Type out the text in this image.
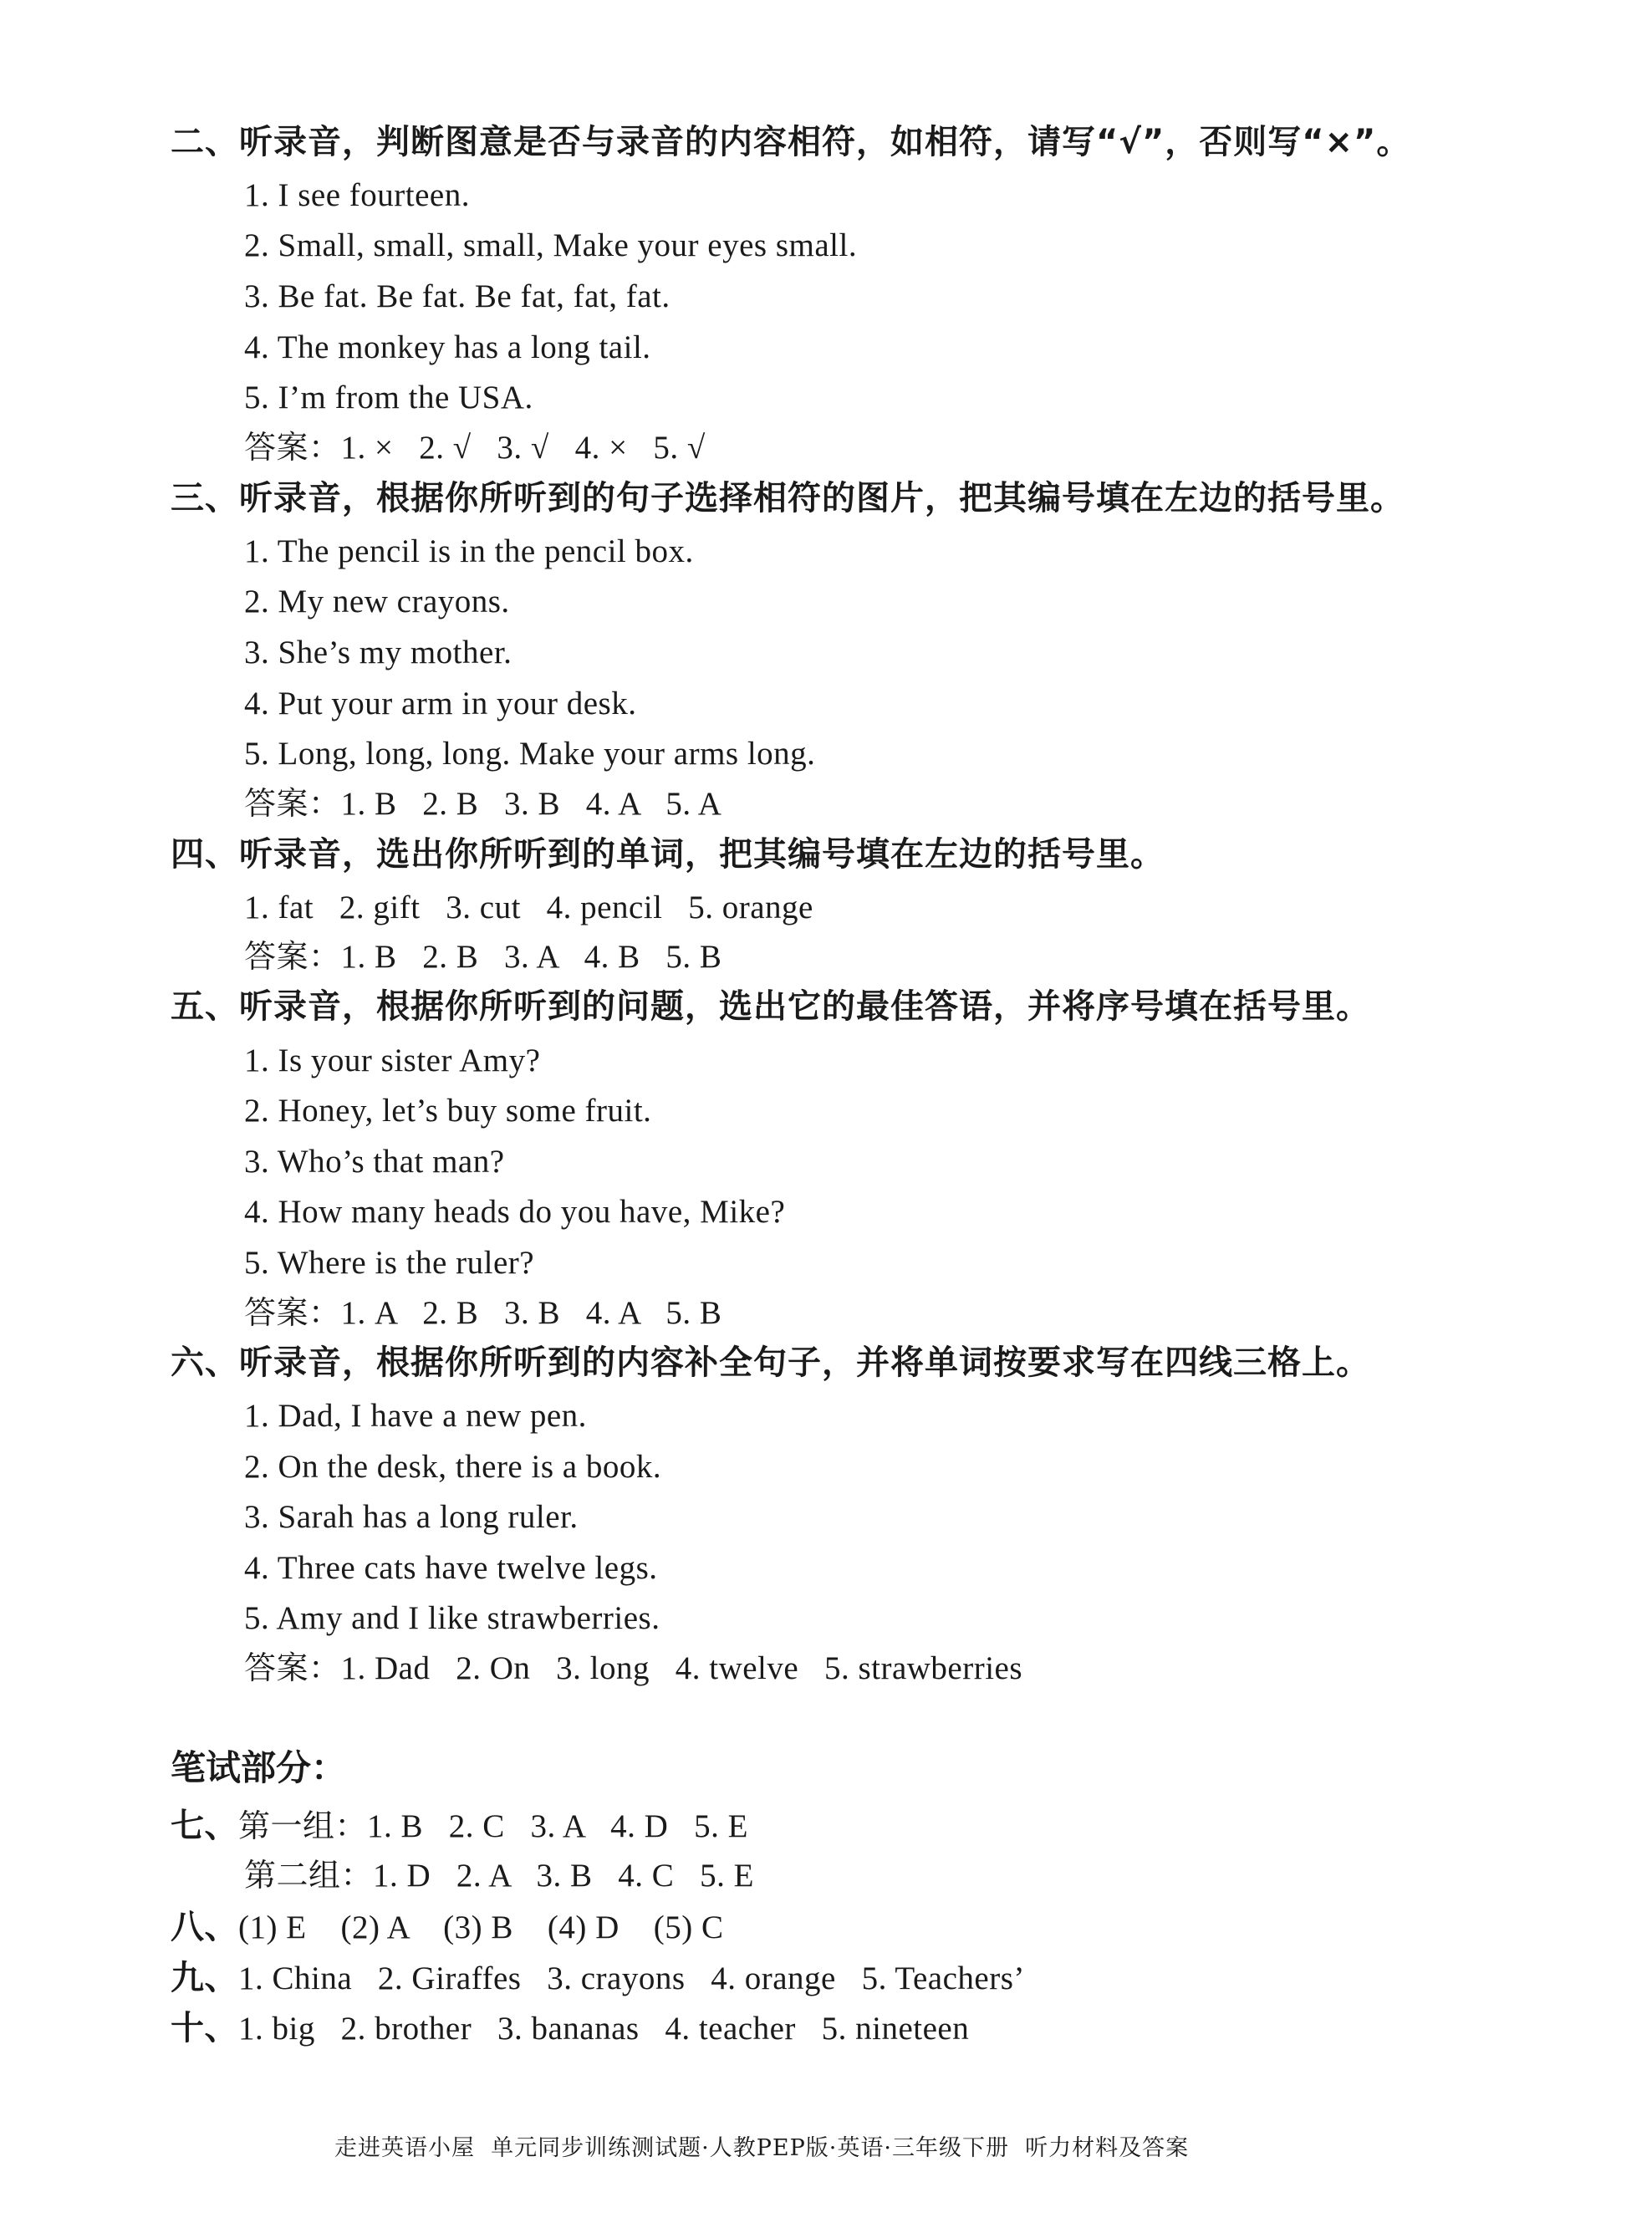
二、听录音，判断图意是否与录音的内容相符，如相符，请写“√”，否则写“×”。
1. I see fourteen.
2. Small, small, small, Make your eyes small.
3. Be fat. Be fat. Be fat, fat, fat.
4. The monkey has a long tail.
5. I’m from the USA.
答案：1. ×   2. √   3. √   4. ×   5. √
三、听录音，根据你所听到的句子选择相符的图片，把其编号填在左边的括号里。
1. The pencil is in the pencil box.
2. My new crayons.
3. She’s my mother.
4. Put your arm in your desk.
5. Long, long, long. Make your arms long.
答案：1. B   2. B   3. B   4. A   5. A
四、听录音，选出你所听到的单词，把其编号填在左边的括号里。
1. fat   2. gift   3. cut   4. pencil   5. orange
答案：1. B   2. B   3. A   4. B   5. B
五、听录音，根据你所听到的问题，选出它的最佳答语，并将序号填在括号里。
1. Is your sister Amy?
2. Honey, let’s buy some fruit.
3. Who’s that man?
4. How many heads do you have, Mike?
5. Where is the ruler?
答案：1. A   2. B   3. B   4. A   5. B
六、听录音，根据你所听到的内容补全句子，并将单词按要求写在四线三格上。
1. Dad, I have a new pen.
2. On the desk, there is a book.
3. Sarah has a long ruler.
4. Three cats have twelve legs.
5. Amy and I like strawberries.
答案：1. Dad   2. On   3. long   4. twelve   5. strawberries
笔试部分：
七、第一组：1. B   2. C   3. A   4. D   5. E
第二组：1. D   2. A   3. B   4. C   5. E
八、(1) E    (2) A    (3) B    (4) D    (5) C
九、1. China   2. Giraffes   3. crayons   4. orange   5. Teachers’
十、1. big   2. brother   3. bananas   4. teacher   5. nineteen
走进英语小屋  单元同步训练测试题·人教PEP版·英语·三年级下册  听力材料及答案
